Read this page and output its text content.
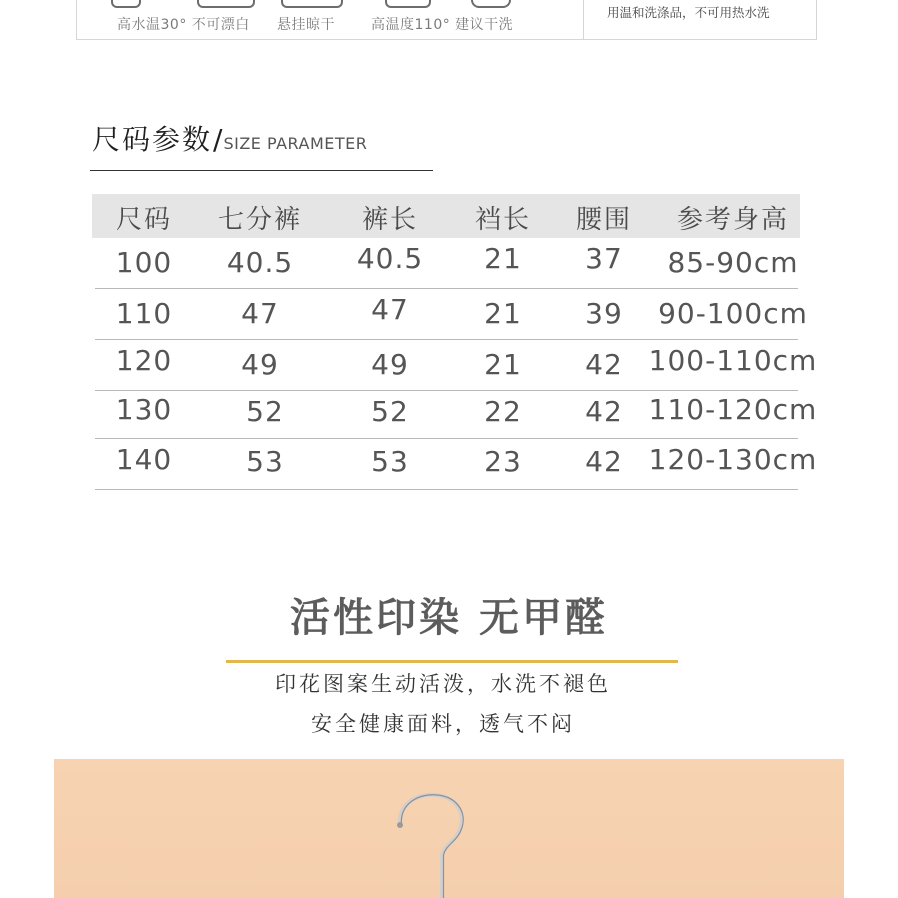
高水温30° 不可漂白 悬挂晾干	高温度110° 建议干洗
用温和洗涤品，不可用热水洗
尺码参数/SIZE PARAMETER
尺码 七分裤 裤长 裆长 腰围 参考身高
100 40.5 40.5 21 37 85-90cm
110 47	47	21 39 90-100cm
120 49	49	21 42 100-110cm
130	52	52	22 42 110-120cm
140	53	53	23 42 120-130cm
活性印染 无甲醛
印花图案生动活泼，水洗不褪色
安全健康面料，透气不闷
